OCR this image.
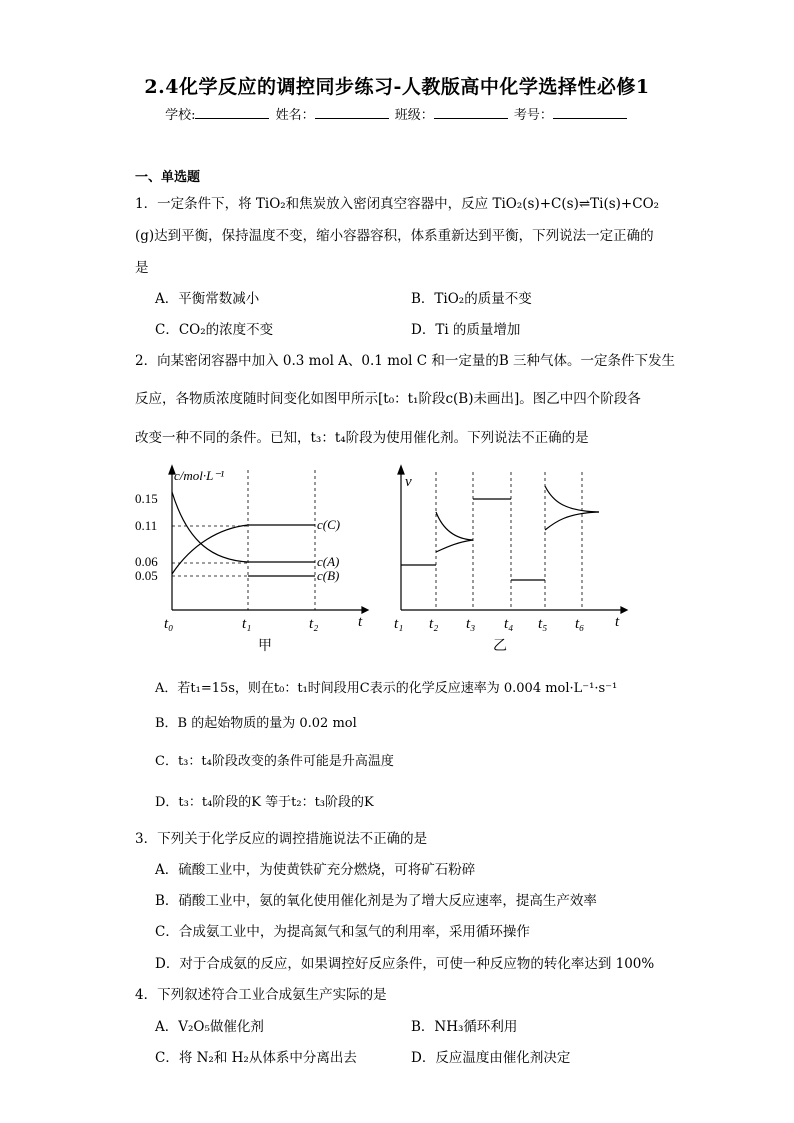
2.4化学反应的调控同步练习-人教版高中化学选择性必修1
学校:	姓名：	班级：	考号：
一、单选题
1．一定条件下，将 TiO₂和焦炭放入密闭真空容器中，反应 TiO₂(s)+C(s)⇌Ti(s)+CO₂
(g)达到平衡，保持温度不变，缩小容器容积，体系重新达到平衡，下列说法一定正确的
是
A．平衡常数减小	B．TiO₂的质量不变
C．CO₂的浓度不变	D．Ti 的质量增加
2．向某密闭容器中加入 0.3 mol A、0.1 mol C 和一定量的B 三种气体。一定条件下发生
反应，各物质浓度随时间变化如图甲所示[t₀：t₁阶段c(B)未画出]。图乙中四个阶段各
改变一种不同的条件。已知，t₃：t₄阶段为使用催化剂。下列说法不正确的是
c/mol·L⁻¹
0.15
0.11
0.06
0.05
c(C)
c(A)
c(B)
t₀	t₁	t₂	t
甲
v
t₁ t₂ t₃ t₄ t₅ t₆ t
乙
A．若t₁=15s，则在t₀：t₁时间段用C表示的化学反应速率为 0.004 mol·L⁻¹·s⁻¹
B．B 的起始物质的量为 0.02 mol
C．t₃：t₄阶段改变的条件可能是升高温度
D．t₃：t₄阶段的K 等于t₂：t₃阶段的K
3．下列关于化学反应的调控措施说法不正确的是
A．硫酸工业中，为使黄铁矿充分燃烧，可将矿石粉碎
B．硝酸工业中，氨的氧化使用催化剂是为了增大反应速率，提高生产效率
C．合成氨工业中，为提高氮气和氢气的利用率，采用循环操作
D．对于合成氨的反应，如果调控好反应条件，可使一种反应物的转化率达到 100%
4．下列叙述符合工业合成氨生产实际的是
A．V₂O₅做催化剂	B．NH₃循环利用
C．将 N₂和 H₂从体系中分离出去	D．反应温度由催化剂决定
